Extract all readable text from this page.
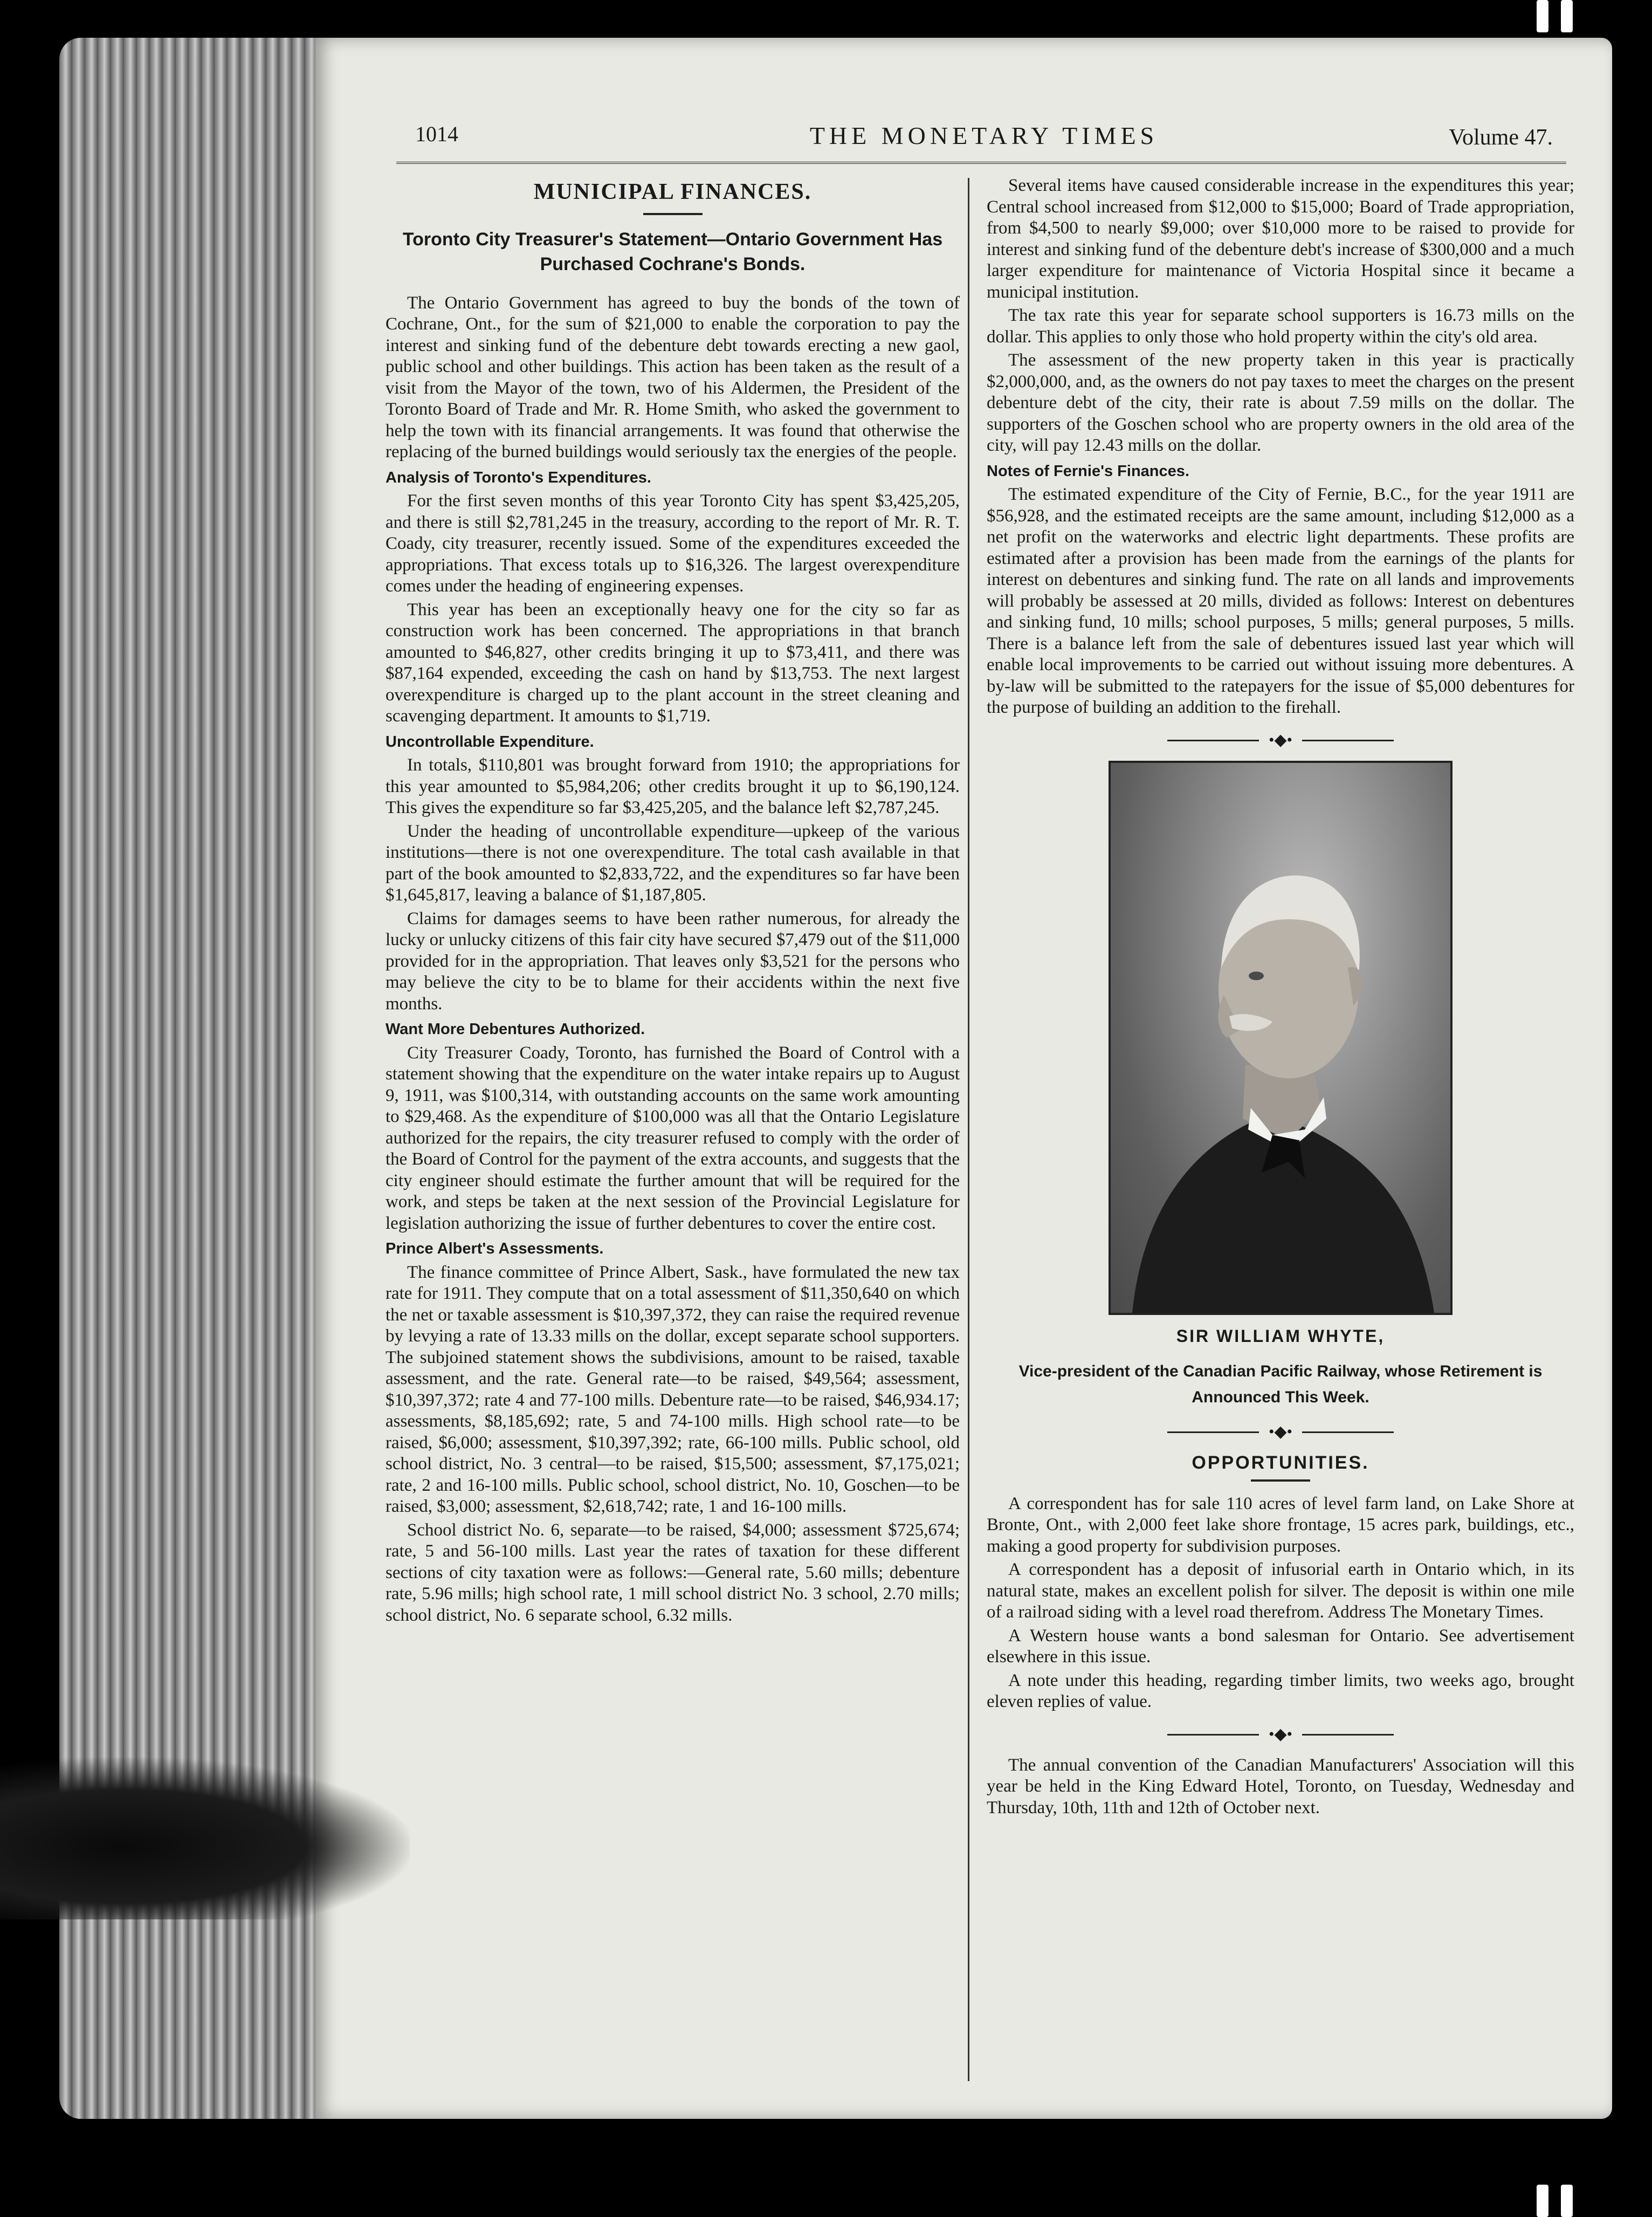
1014	THE MONETARY TIMES	Volume 47.
MUNICIPAL FINANCES.
Toronto City Treasurer's Statement—Ontario Government Has Purchased Cochrane's Bonds.

The Ontario Government has agreed to buy the bonds of the town of Cochrane, Ont., for the sum of $21,000 to enable the corporation to pay the interest and sinking fund of the debenture debt towards erecting a new gaol, public school and other buildings. This action has been taken as the result of a visit from the Mayor of the town, two of his Aldermen, the President of the Toronto Board of Trade and Mr. R. Home Smith, who asked the government to help the town with its financial arrangements. It was found that otherwise the replacing of the burned buildings would seriously tax the energies of the people.

Analysis of Toronto's Expenditures.

For the first seven months of this year Toronto City has spent $3,425,205, and there is still $2,781,245 in the treasury, according to the report of Mr. R. T. Coady, city treasurer, recently issued. Some of the expenditures exceeded the appropriations. That excess totals up to $16,326. The largest overexpenditure comes under the heading of engineering expenses.

This year has been an exceptionally heavy one for the city so far as construction work has been concerned. The appropriations in that branch amounted to $46,827, other credits bringing it up to $73,411, and there was $87,164 expended, exceeding the cash on hand by $13,753. The next largest overexpenditure is charged up to the plant account in the street cleaning and scavenging department. It amounts to $1,719.

Uncontrollable Expenditure.

In totals, $110,801 was brought forward from 1910; the appropriations for this year amounted to $5,984,206; other credits brought it up to $6,190,124. This gives the expenditure so far $3,425,205, and the balance left $2,787,245.

Under the heading of uncontrollable expenditure—upkeep of the various institutions—there is not one overexpenditure. The total cash available in that part of the book amounted to $2,833,722, and the expenditures so far have been $1,645,817, leaving a balance of $1,187,805.

Claims for damages seems to have been rather numerous, for already the lucky or unlucky citizens of this fair city have secured $7,479 out of the $11,000 provided for in the appropriation. That leaves only $3,521 for the persons who may believe the city to be to blame for their accidents within the next five months.

Want More Debentures Authorized.

City Treasurer Coady, Toronto, has furnished the Board of Control with a statement showing that the expenditure on the water intake repairs up to August 9, 1911, was $100,314, with outstanding accounts on the same work amounting to $29,468. As the expenditure of $100,000 was all that the Ontario Legislature authorized for the repairs, the city treasurer refused to comply with the order of the Board of Control for the payment of the extra accounts, and suggests that the city engineer should estimate the further amount that will be required for the work, and steps be taken at the next session of the Provincial Legislature for legislation authorizing the issue of further debentures to cover the entire cost.

Prince Albert's Assessments.

The finance committee of Prince Albert, Sask., have formulated the new tax rate for 1911. They compute that on a total assessment of $11,350,640 on which the net or taxable assessment is $10,397,372, they can raise the required revenue by levying a rate of 13.33 mills on the dollar, except separate school supporters. The subjoined statement shows the subdivisions, amount to be raised, taxable assessment, and the rate. General rate—to be raised, $49,564; assessment, $10,397,372; rate 4 and 77-100 mills. Debenture rate—to be raised, $46,934.17; assessments, $8,185,692; rate, 5 and 74-100 mills. High school rate—to be raised, $6,000; assessment, $10,397,392; rate, 66-100 mills. Public school, old school district, No. 3 central—to be raised, $15,500; assessment, $7,175,021; rate, 2 and 16-100 mills. Public school, school district, No. 10, Goschen—to be raised, $3,000; assessment, $2,618,742; rate, 1 and 16-100 mills.

School district No. 6, separate—to be raised, $4,000; assessment $725,674; rate, 5 and 56-100 mills. Last year the rates of taxation for these different sections of city taxation were as follows:—General rate, 5.60 mills; debenture rate, 5.96 mills; high school rate, 1 mill school district No. 3 school, 2.70 mills; school district, No. 6 separate school, 6.32 mills.

Several items have caused considerable increase in the expenditures this year; Central school increased from $12,000 to $15,000; Board of Trade appropriation, from $4,500 to nearly $9,000; over $10,000 more to be raised to provide for interest and sinking fund of the debenture debt's increase of $300,000 and a much larger expenditure for maintenance of Victoria Hospital since it became a municipal institution.

The tax rate this year for separate school supporters is 16.73 mills on the dollar. This applies to only those who hold property within the city's old area.

The assessment of the new property taken in this year is practically $2,000,000, and, as the owners do not pay taxes to meet the charges on the present debenture debt of the city, their rate is about 7.59 mills on the dollar. The supporters of the Goschen school who are property owners in the old area of the city, will pay 12.43 mills on the dollar.

Notes of Fernie's Finances.

The estimated expenditure of the City of Fernie, B.C., for the year 1911 are $56,928, and the estimated receipts are the same amount, including $12,000 as a net profit on the waterworks and electric light departments. These profits are estimated after a provision has been made from the earnings of the plants for interest on debentures and sinking fund. The rate on all lands and improvements will probably be assessed at 20 mills, divided as follows: Interest on debentures and sinking fund, 10 mills; school purposes, 5 mills; general purposes, 5 mills. There is a balance left from the sale of debentures issued last year which will enable local improvements to be carried out without issuing more debentures. A by-law will be submitted to the ratepayers for the issue of $5,000 debentures for the purpose of building an addition to the firehall.

•◆•
SIR WILLIAM WHYTE,
Vice-president of the Canadian Pacific Railway, whose Retirement is Announced This Week.
•◆•
OPPORTUNITIES.

A correspondent has for sale 110 acres of level farm land, on Lake Shore at Bronte, Ont., with 2,000 feet lake shore frontage, 15 acres park, buildings, etc., making a good property for subdivision purposes.

A correspondent has a deposit of infusorial earth in Ontario which, in its natural state, makes an excellent polish for silver. The deposit is within one mile of a railroad siding with a level road therefrom. Address The Monetary Times.

A Western house wants a bond salesman for Ontario. See advertisement elsewhere in this issue.

A note under this heading, regarding timber limits, two weeks ago, brought eleven replies of value.

•◆•

The annual convention of the Canadian Manufacturers' Association will this year be held in the King Edward Hotel, Toronto, on Tuesday, Wednesday and Thursday, 10th, 11th and 12th of October next.
